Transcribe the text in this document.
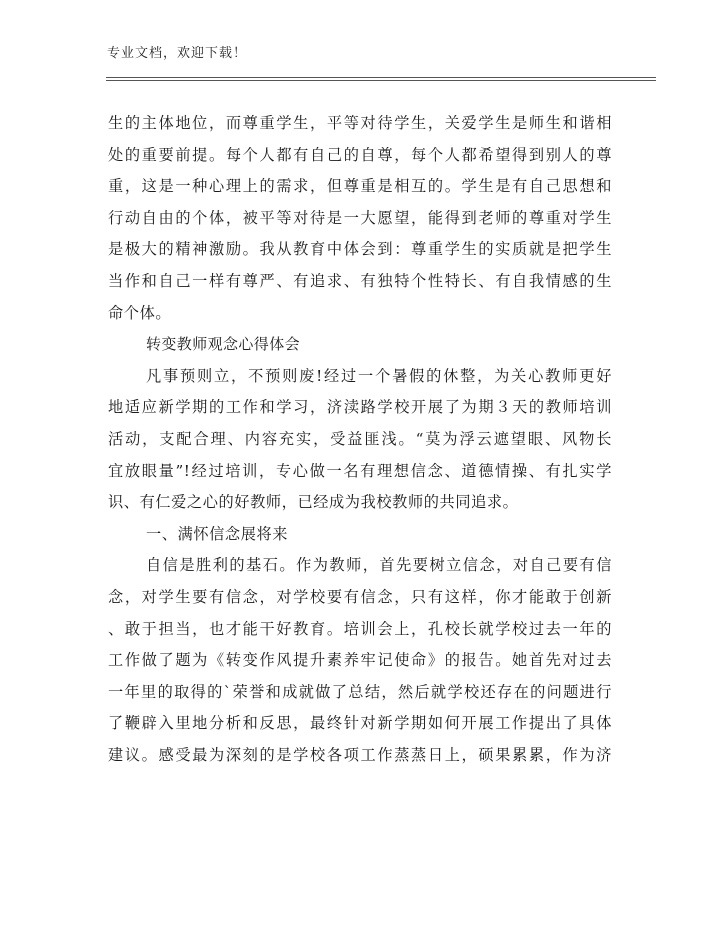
专业文档，欢迎下载！
生的主体地位，而尊重学生，平等对待学生，关爱学生是师生和谐相
处的重要前提。每个人都有自己的自尊，每个人都希望得到别人的尊
重，这是一种心理上的需求，但尊重是相互的。学生是有自己思想和
行动自由的个体，被平等对待是一大愿望，能得到老师的尊重对学生
是极大的精神激励。我从教育中体会到：尊重学生的实质就是把学生
当作和自己一样有尊严、有追求、有独特个性特长、有自我情感的生
命个体。
转变教师观念心得体会
凡事预则立，不预则废!经过一个暑假的休整，为关心教师更好
地适应新学期的工作和学习，济渎路学校开展了为期３天的教师培训
活动，支配合理、内容充实，受益匪浅。“莫为浮云遮望眼、风物长
宜放眼量”!经过培训，专心做一名有理想信念、道德情操、有扎实学
识、有仁爱之心的好教师，已经成为我校教师的共同追求。
一、满怀信念展将来
自信是胜利的基石。作为教师，首先要树立信念，对自己要有信
念，对学生要有信念，对学校要有信念，只有这样，你才能敢于创新
、敢于担当，也才能干好教育。培训会上，孔校长就学校过去一年的
工作做了题为《转变作风提升素养牢记使命》的报告。她首先对过去
一年里的取得的`荣誉和成就做了总结，然后就学校还存在的问题进行
了鞭辟入里地分析和反思，最终针对新学期如何开展工作提出了具体
建议。感受最为深刻的是学校各项工作蒸蒸日上，硕果累累，作为济
